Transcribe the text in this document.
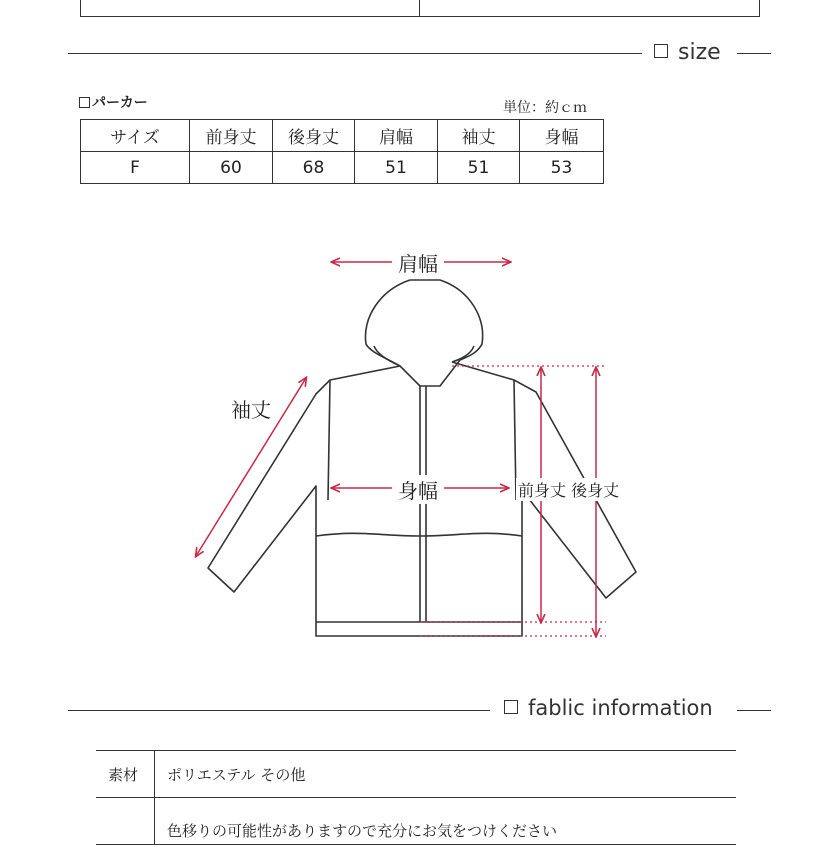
size
パーカー	単位：約ｃｍ
サイズ	前身丈	後身丈	肩幅	袖丈	身幅
F	60	68	51	51	53
肩幅
袖丈
身幅	前身丈 後身丈
fablic information
素材	ポリエステル その他
	色移りの可能性がありますので充分にお気をつけください
